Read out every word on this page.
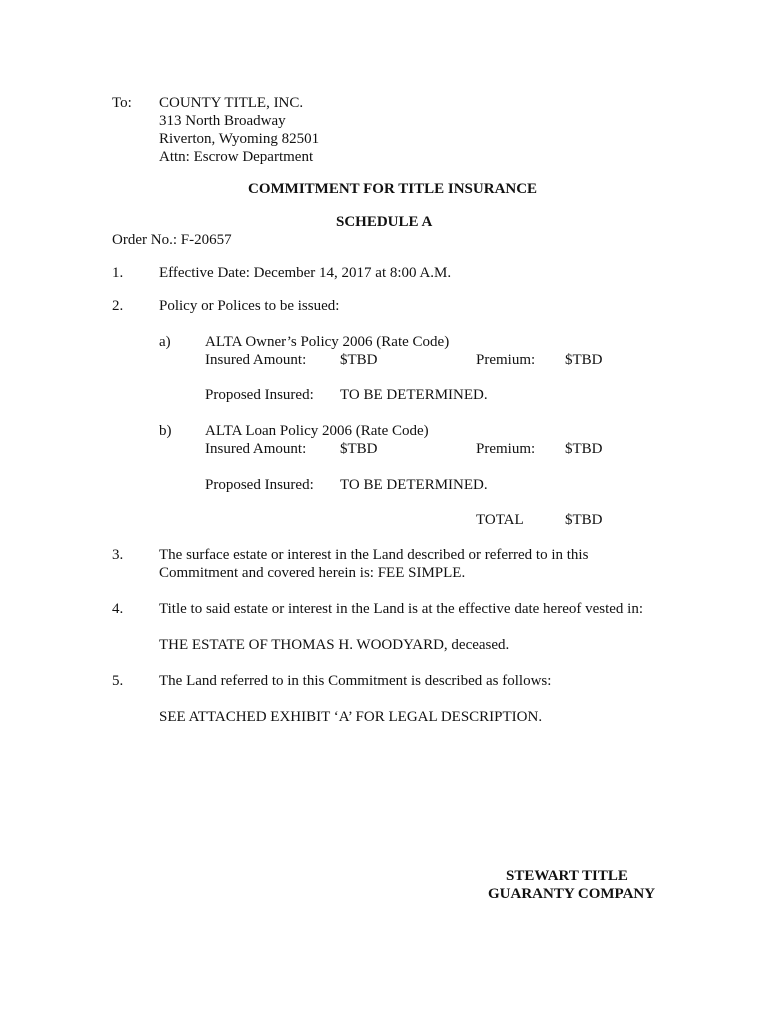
To: COUNTY TITLE, INC.
313 North Broadway
Riverton, Wyoming 82501
Attn: Escrow Department
COMMITMENT FOR TITLE INSURANCE
SCHEDULE A
Order No.: F-20657
1. Effective Date: December 14, 2017 at 8:00 A.M.
2. Policy or Polices to be issued:
a) ALTA Owner’s Policy 2006 (Rate Code)
Insured Amount: $TBD	Premium: $TBD
Proposed Insured: TO BE DETERMINED.
b) ALTA Loan Policy 2006 (Rate Code)
Insured Amount: $TBD	Premium: $TBD
Proposed Insured: TO BE DETERMINED.
TOTAL	$TBD
3. The surface estate or interest in the Land described or referred to in this
Commitment and covered herein is: FEE SIMPLE.
4. Title to said estate or interest in the Land is at the effective date hereof vested in:
THE ESTATE OF THOMAS H. WOODYARD, deceased.
5. The Land referred to in this Commitment is described as follows:
SEE ATTACHED EXHIBIT ‘A’ FOR LEGAL DESCRIPTION.
STEWART TITLE
GUARANTY COMPANY
